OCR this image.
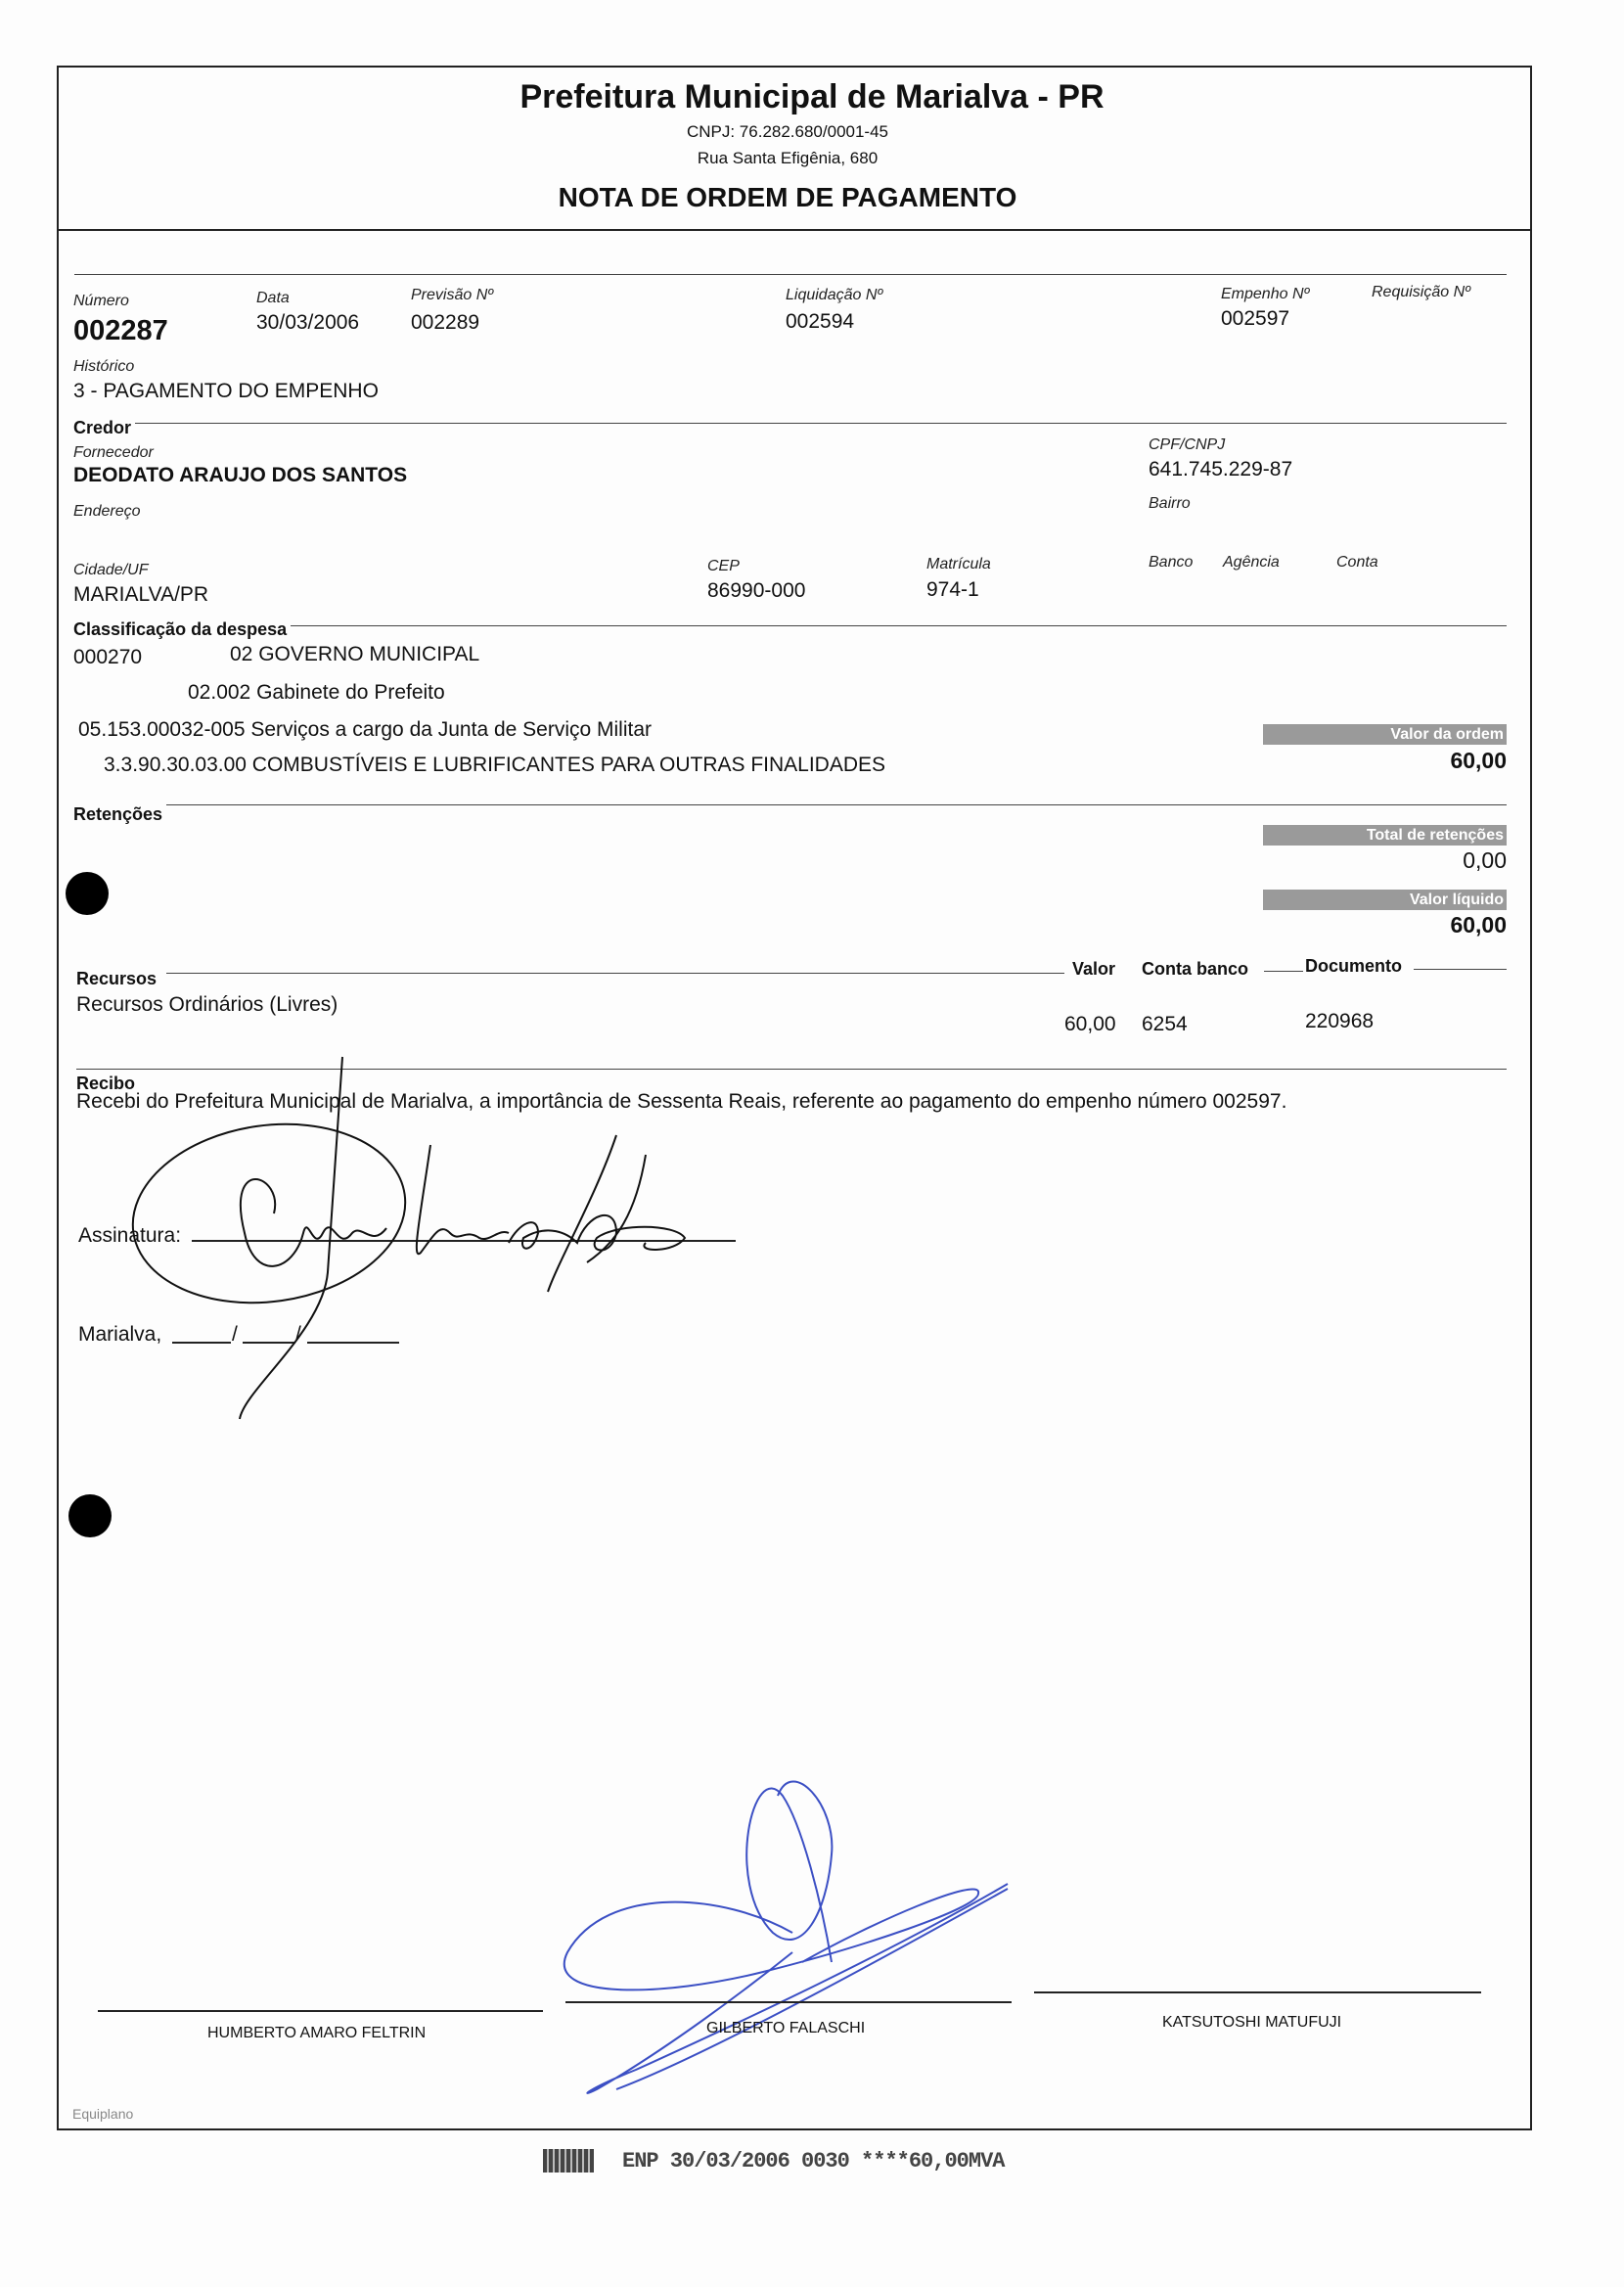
Prefeitura Municipal de Marialva - PR
CNPJ: 76.282.680/0001-45
Rua Santa Efigênia, 680
NOTA DE ORDEM DE PAGAMENTO
Número
002287
Data
30/03/2006
Previsão Nº
002289
Liquidação Nº
002594
Empenho Nº
002597
Requisição Nº
Histórico
3 - PAGAMENTO DO EMPENHO
Credor
Fornecedor
DEODATO ARAUJO DOS SANTOS
CPF/CNPJ
641.745.229-87
Endereço	Bairro
Cidade/UF
MARIALVA/PR
CEP
86990-000
Matrícula
974-1
Banco Agência	Conta
Classificação da despesa
000270	02 GOVERNO MUNICIPAL
02.002 Gabinete do Prefeito
05.153.00032-005 Serviços a cargo da Junta de Serviço Militar
3.3.90.30.03.00 COMBUSTÍVEIS E LUBRIFICANTES PARA OUTRAS FINALIDADES
Valor da ordem
60,00
Retenções
Total de retenções
0,00
Valor líquido
60,00
Recursos	Valor Conta banco	Documento
Recursos Ordinários (Livres)
60,00 6254	220968
Recibo
Recebi do Prefeitura Municipal de Marialva, a importância de Sessenta Reais, referente ao pagamento do empenho número 002597.
Assinatura:
Marialva,	/	/
HUMBERTO AMARO FELTRIN	GILBERTO FALASCHI	KATSUTOSHI MATUFUJI
Equiplano
ENP 30/03/2006 0030 ****60,00MVA
